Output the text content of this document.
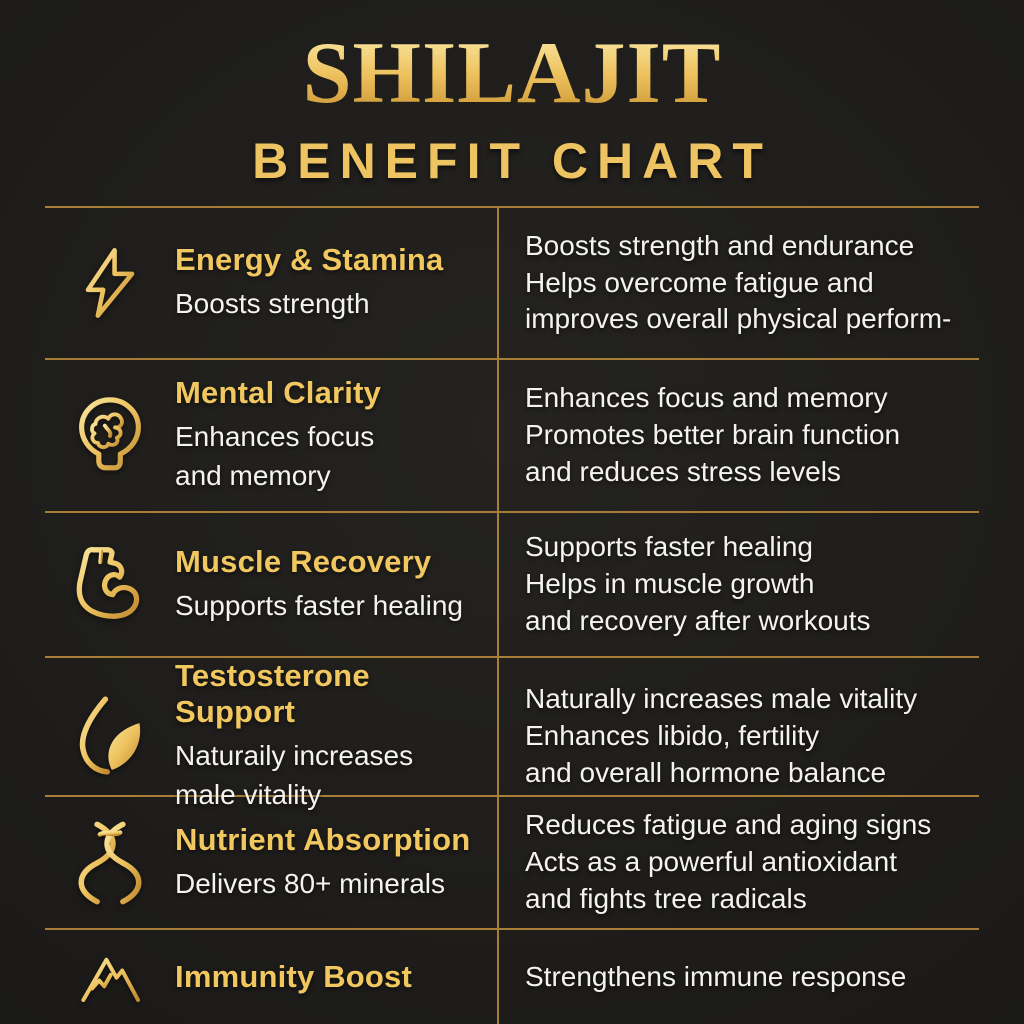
SHILAJIT
BENEFIT CHART
Energy & Stamina
Boosts strength
Boosts strength and endurance
Helps overcome fatigue and
improves overall physical perform-
Mental Clarity
Enhances focus
and memory
Enhances focus and memory
Promotes better brain function
and reduces stress levels
Muscle Recovery
Supports faster healing
Supports faster healing
Helps in muscle growth
and recovery after workouts
Testosterone Support
Naturaily increases
male vitality
Naturally increases male vitality
Enhances libido, fertility
and overall hormone balance
Nutrient Absorption
Delivers 80+ minerals
Reduces fatigue and aging signs
Acts as a powerful antioxidant
and fights tree radicals
Immunity Boost	Strengthens immune response
